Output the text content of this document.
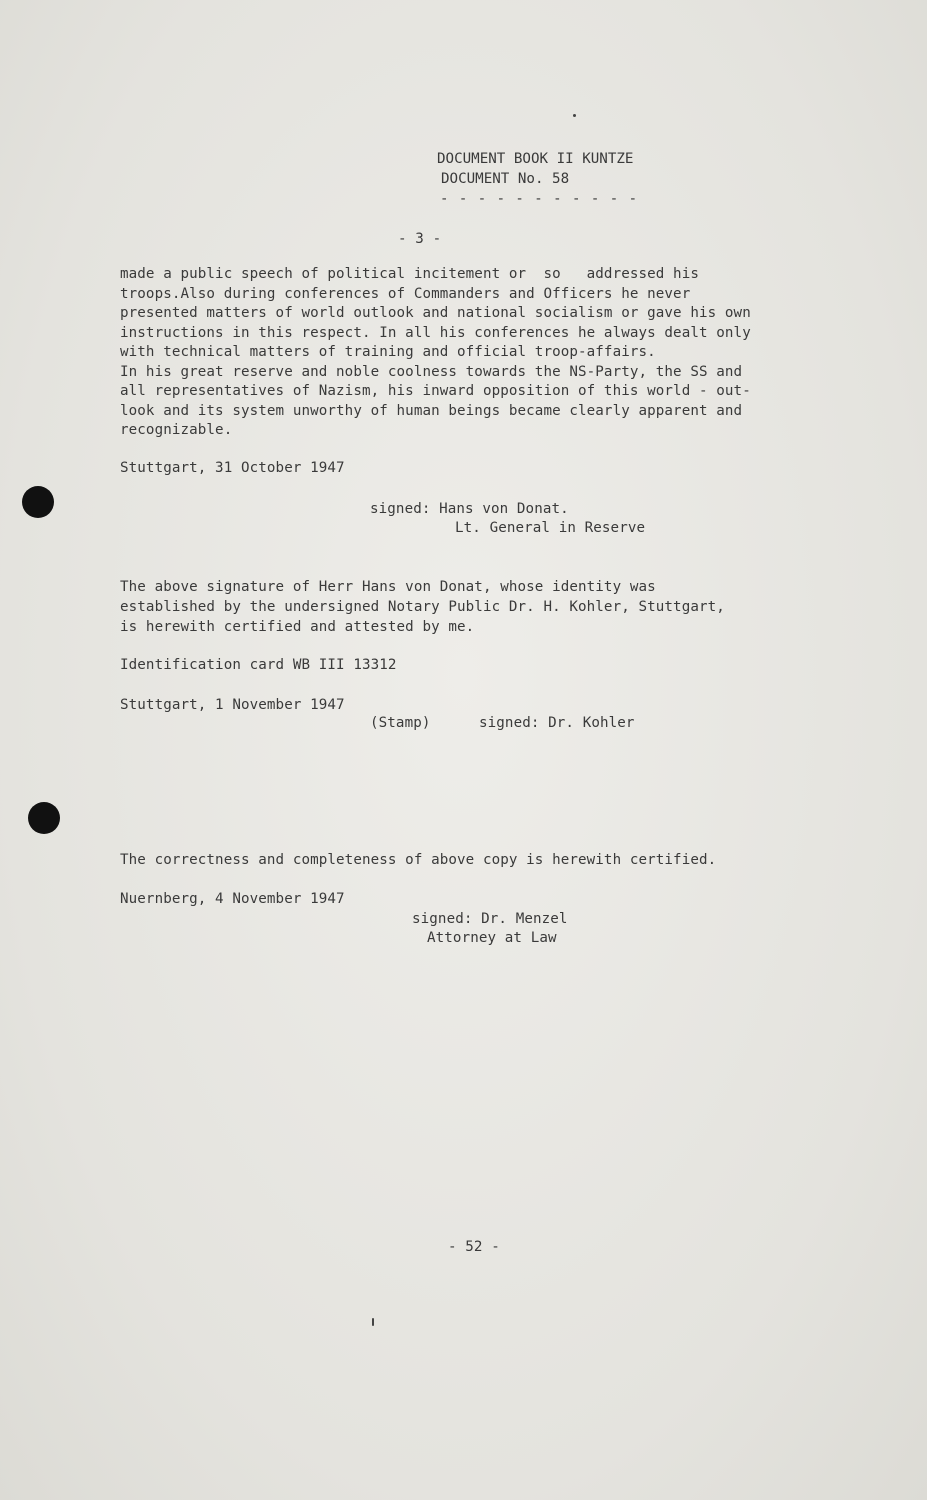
DOCUMENT BOOK II KUNTZE
DOCUMENT No. 58
- - - - - - - - - - -
- 3 -
made a public speech of political incitement or  so   addressed his
troops.Also during conferences of Commanders and Officers he never
presented matters of world outlook and national socialism or gave his own
instructions in this respect. In all his conferences he always dealt only
with technical matters of training and official troop-affairs.
In his great reserve and noble coolness towards the NS-Party, the SS and
all representatives of Nazism, his inward opposition of this world - out-
look and its system unworthy of human beings became clearly apparent and
recognizable.
Stuttgart, 31 October 1947
signed: Hans von Donat.
Lt. General in Reserve
The above signature of Herr Hans von Donat, whose identity was
established by the undersigned Notary Public Dr. H. Kohler, Stuttgart,
is herewith certified and attested by me.
Identification card WB III 13312
Stuttgart, 1 November 1947
(Stamp)	signed: Dr. Kohler
The correctness and completeness of above copy is herewith certified.
Nuernberg, 4 November 1947
signed: Dr. Menzel
Attorney at Law
- 52 -
